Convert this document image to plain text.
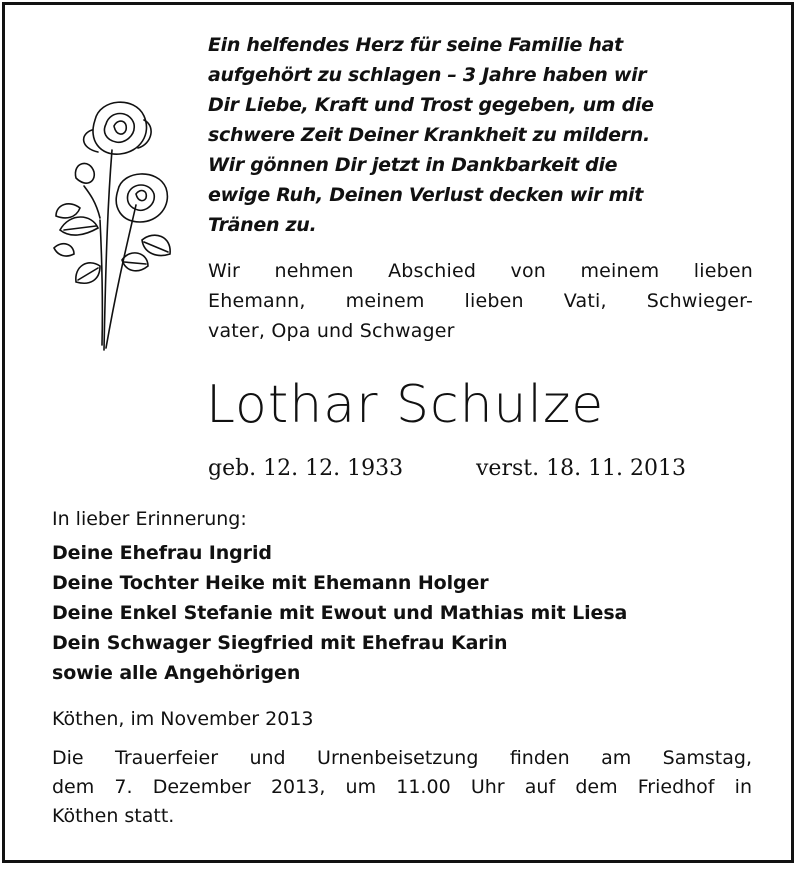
Ein helfendes Herz für seine Familie hat
aufgehört zu schlagen – 3 Jahre haben wir
Dir Liebe, Kraft und Trost gegeben, um die
schwere Zeit Deiner Krankheit zu mildern.
Wir gönnen Dir jetzt in Dankbarkeit die
ewige Ruh, Deinen Verlust decken wir mit
Tränen zu.
Wir nehmen Abschied von meinem lieben
Ehemann, meinem lieben Vati, Schwieger-
vater, Opa und Schwager
Lothar Schulze
geb. 12. 12. 1933	verst. 18. 11. 2013
In lieber Erinnerung:
Deine Ehefrau Ingrid
Deine Tochter Heike mit Ehemann Holger
Deine Enkel Stefanie mit Ewout und Mathias mit Liesa
Dein Schwager Siegfried mit Ehefrau Karin
sowie alle Angehörigen
Köthen, im November 2013
Die Trauerfeier und Urnenbeisetzung finden am Samstag,
dem 7. Dezember 2013, um 11.00 Uhr auf dem Friedhof in
Köthen statt.
